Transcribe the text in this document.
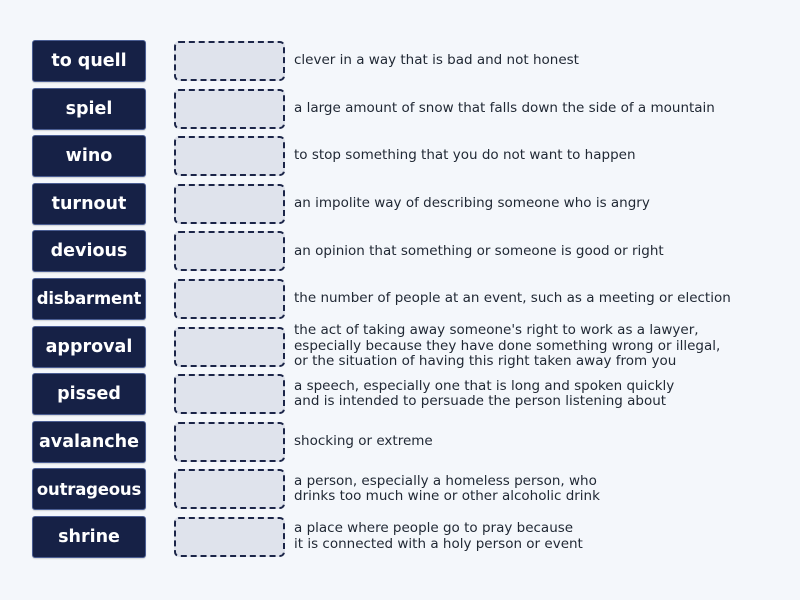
to quell	clever in a way that is bad and not honest
spiel	a large amount of snow that falls down the side of a mountain
wino	to stop something that you do not want to happen
turnout	an impolite way of describing someone who is angry
devious	an opinion that something or someone is good or right
disbarment	the number of people at an event, such as a meeting or election
approval
the act of taking away someone's right to work as a lawyer,
especially because they have done something wrong or illegal,
or the situation of having this right taken away from you
pissed	a speech, especially one that is long and spoken quickly
and is intended to persuade the person listening about
avalanche	shocking or extreme
outrageous	a person, especially a homeless person, who
drinks too much wine or other alcoholic drink
shrine	a place where people go to pray because
it is connected with a holy person or event
